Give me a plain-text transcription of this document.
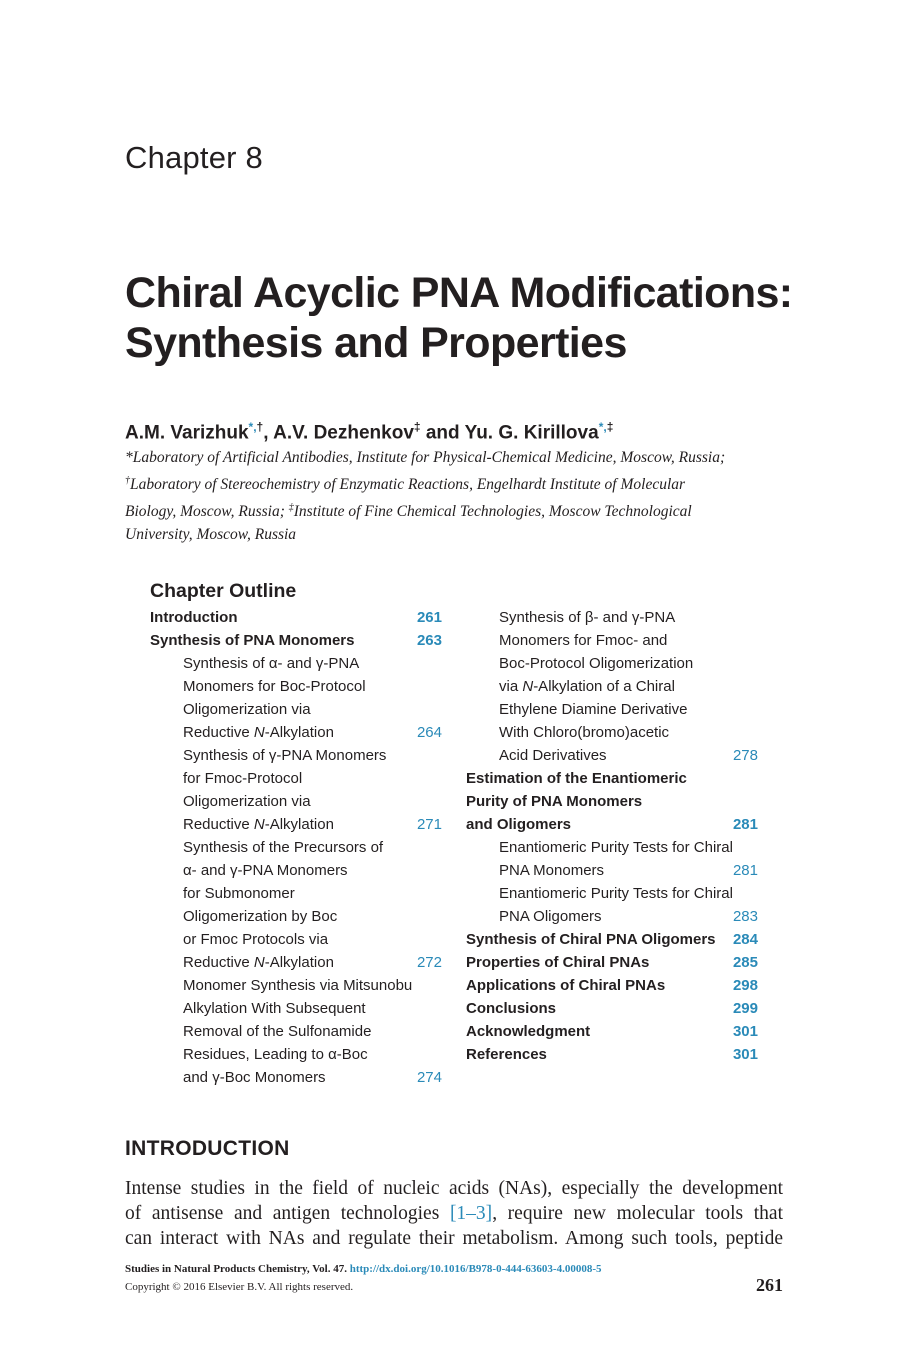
Chapter 8
Chiral Acyclic PNA Modifications:
Synthesis and Properties
A.M. Varizhuk*,†, A.V. Dezhenkov‡ and Yu. G. Kirillova*,‡
*Laboratory of Artificial Antibodies, Institute for Physical-Chemical Medicine, Moscow, Russia;
†Laboratory of Stereochemistry of Enzymatic Reactions, Engelhardt Institute of Molecular
Biology, Moscow, Russia; ‡Institute of Fine Chemical Technologies, Moscow Technological
University, Moscow, Russia
Chapter Outline
Introduction	261
Synthesis of PNA Monomers	263
Synthesis of α- and γ-PNA
Monomers for Boc-Protocol
Oligomerization via
Reductive N-Alkylation	264
Synthesis of γ-PNA Monomers
for Fmoc-Protocol
Oligomerization via
Reductive N-Alkylation	271
Synthesis of the Precursors of
α- and γ-PNA Monomers
for Submonomer
Oligomerization by Boc
or Fmoc Protocols via
Reductive N-Alkylation	272
Monomer Synthesis via Mitsunobu
Alkylation With Subsequent
Removal of the Sulfonamide
Residues, Leading to α-Boc
and γ-Boc Monomers	274
Synthesis of β- and γ-PNA
Monomers for Fmoc- and
Boc-Protocol Oligomerization
via N-Alkylation of a Chiral
Ethylene Diamine Derivative
With Chloro(bromo)acetic
Acid Derivatives	278
Estimation of the Enantiomeric
Purity of PNA Monomers
and Oligomers	281
Enantiomeric Purity Tests for Chiral
PNA Monomers	281
Enantiomeric Purity Tests for Chiral
PNA Oligomers	283
Synthesis of Chiral PNA Oligomers	284
Properties of Chiral PNAs	285
Applications of Chiral PNAs	298
Conclusions	299
Acknowledgment	301
References	301
INTRODUCTION
Intense studies in the field of nucleic acids (NAs), especially the development
of antisense and antigen technologies [1–3], require new molecular tools that
can interact with NAs and regulate their metabolism. Among such tools, peptide
Studies in Natural Products Chemistry, Vol. 47. http://dx.doi.org/10.1016/B978-0-444-63603-4.00008-5
Copyright © 2016 Elsevier B.V. All rights reserved.	261
